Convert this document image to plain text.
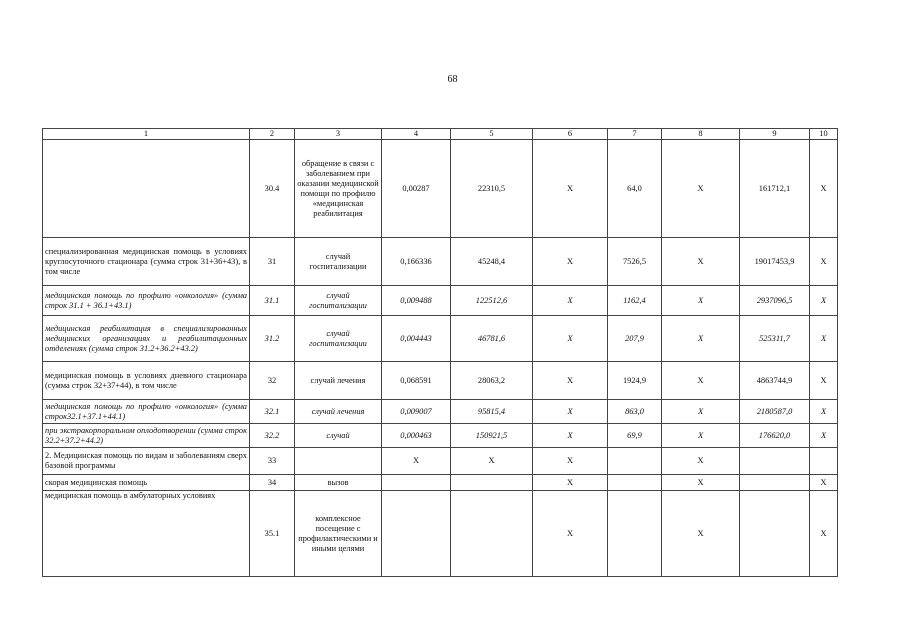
68
1	2	3	4	5	6	7	8	9	10
	30.4	обращение в связи с заболеванием при оказании медицинской помощи по профилю «медицинская реабилитация	0,00287	22310,5	X	64,0	X	161712,1	X
специализированная медицинская помощь в условиях круглосуточного стационара (сумма строк 31+36+43), в том числе	31	случай госпитализации	0,166336	45248,4	X	7526,5	X	19017453,9	X
медицинская помощь по профилю «онкология» (сумма строк 31.1 + 36.1+43.1)	31.1	случай госпитализации	0,009488	122512,6	X	1162,4	X	2937096,5	X
медицинская реабилитация в специализированных медицинских организациях и реабилитационных отделениях (сумма строк 31.2+36.2+43.2)	31.2	случай госпитализации	0,004443	46781,6	X	207,9	X	525311,7	X
медицинская помощь в условиях дневного стационара (сумма строк 32+37+44), в том числе	32	случай лечения	0,068591	28063,2	X	1924,9	X	4863744,9	X
медицинская помощь по профилю «онкология» (сумма строк32.1+37.1+44.1)	32.1	случай лечения	0,009007	95815,4	X	863,0	X	2180587,0	X
при экстракорпоральном оплодотворении (сумма строк 32.2+37.2+44.2)	32.2	случай	0,000463	150921,5	X	69,9	X	176620,0	X
2. Медицинская помощь по видам и заболеваниям сверх базовой программы	33		X	X	X		X		
скорая медицинская помощь	34	вызов			X		X		X
медицинская помощь в амбулаторных условиях	35.1	комплексное посещение с профилактическими и иными целями			X		X		X
